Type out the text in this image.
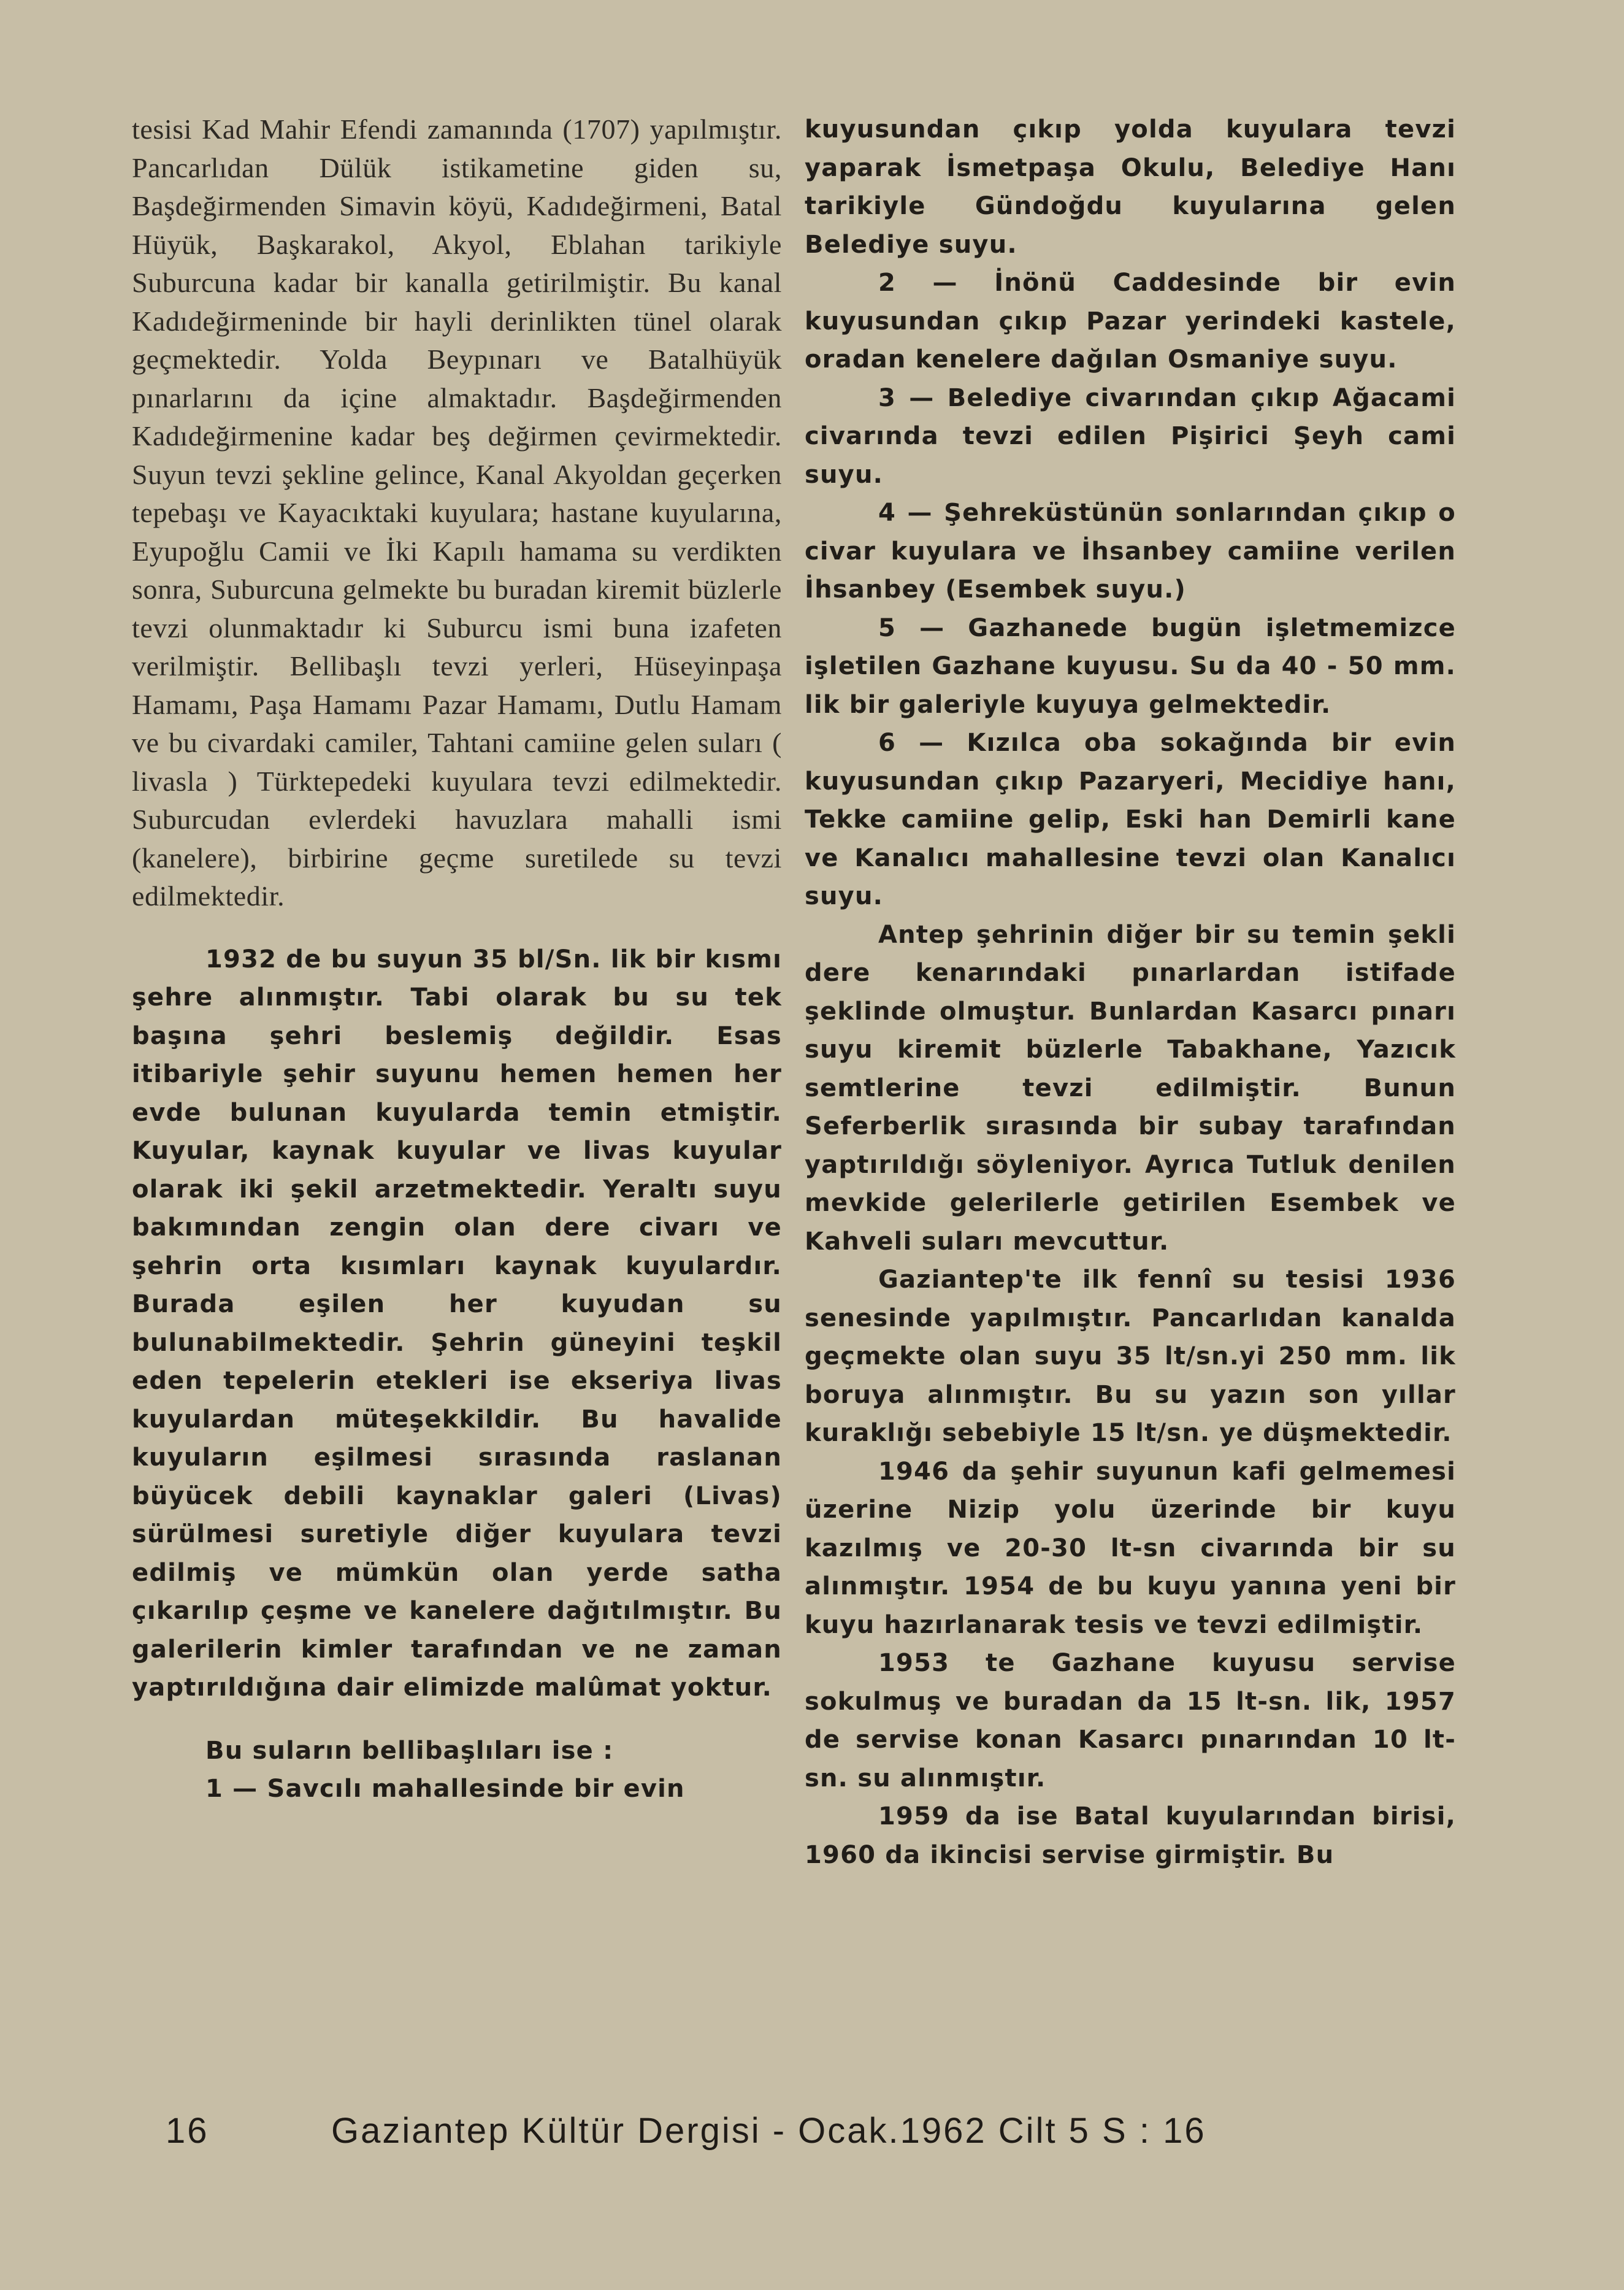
tesisi Kad Mahir Efendi zamanında (1707) yapılmıştır. Pancarlıdan Dülük istikametine giden su, Başdeğirmenden Simavin köyü, Kadıdeğirmeni, Batal Hüyük, Başkarakol, Akyol, Eblahan tarikiyle Suburcuna kadar bir kanalla getirilmiştir. Bu kanal Kadıdeğirmeninde bir hayli derinlikten tünel olarak geçmektedir. Yolda Beypınarı ve Batalhüyük pınarlarını da içine almaktadır. Başdeğirmenden Kadıdeğirmenine kadar beş değirmen çevirmektedir. Suyun tevzi şekline gelince, Kanal Akyoldan geçerken tepebaşı ve Kayacıktaki kuyulara; hastane kuyularına, Eyupoğlu Camii ve İki Kapılı hamama su verdikten sonra, Suburcuna gelmekte bu buradan kiremit büzlerle tevzi olunmaktadır ki Suburcu ismi buna izafeten verilmiştir. Bellibaşlı tevzi yerleri, Hüseyinpaşa Hamamı, Paşa Hamamı Pazar Hamamı, Dutlu Hamam ve bu civardaki camiler, Tahtani camiine gelen suları ( livasla ) Türktepedeki kuyulara tevzi edilmektedir. Suburcudan evlerdeki havuzlara mahalli ismi (kanelere), birbirine geçme suretilede su tevzi edilmektedir.

1932 de bu suyun 35 bl/Sn. lik bir kısmı şehre alınmıştır. Tabi olarak bu su tek başına şehri beslemiş değildir. Esas itibariyle şehir suyunu hemen hemen her evde bulunan kuyularda temin etmiştir. Kuyular, kaynak kuyular ve livas kuyular olarak iki şekil arzetmektedir. Yeraltı suyu bakımından zengin olan dere civarı ve şehrin orta kısımları kaynak kuyulardır. Burada eşilen her kuyudan su bulunabilmektedir. Şehrin güneyini teşkil eden tepelerin etekleri ise ekseriya livas kuyulardan müteşekkildir. Bu havalide kuyuların eşilmesi sırasında raslanan büyücek debili kaynaklar galeri (Livas) sürülmesi suretiyle diğer kuyulara tevzi edilmiş ve mümkün olan yerde satha çıkarılıp çeşme ve kanelere dağıtılmıştır. Bu galerilerin kimler tarafından ve ne zaman yaptırıldığına dair elimizde malûmat yoktur.

Bu suların bellibaşlıları ise :

1 — Savcılı mahallesinde bir evin

kuyusundan çıkıp yolda kuyulara tevzi yaparak İsmetpaşa Okulu, Belediye Hanı tarikiyle Gündoğdu kuyularına gelen Belediye suyu.

2 — İnönü Caddesinde bir evin kuyusundan çıkıp Pazar yerindeki kastele, oradan kenelere dağılan Osmaniye suyu.

3 — Belediye civarından çıkıp Ağacami civarında tevzi edilen Pişirici Şeyh cami suyu.

4 — Şehreküstünün sonlarından çıkıp o civar kuyulara ve İhsanbey camiine verilen İhsanbey (Esembek suyu.)

5 — Gazhanede bugün işletmemizce işletilen Gazhane kuyusu. Su da 40 - 50 mm. lik bir galeriyle kuyuya gelmektedir.

6 — Kızılca oba sokağında bir evin kuyusundan çıkıp Pazaryeri, Mecidiye hanı, Tekke camiine gelip, Eski han Demirli kane ve Kanalıcı mahallesine tevzi olan Kanalıcı suyu.

Antep şehrinin diğer bir su temin şekli dere kenarındaki pınarlardan istifade şeklinde olmuştur. Bunlardan Kasarcı pınarı suyu kiremit büzlerle Tabakhane, Yazıcık semtlerine tevzi edilmiştir. Bunun Seferberlik sırasında bir subay tarafından yaptırıldığı söyleniyor. Ayrıca Tutluk denilen mevkide gelerilerle getirilen Esembek ve Kahveli suları mevcuttur.

Gaziantep'te ilk fennî su tesisi 1936 senesinde yapılmıştır. Pancarlıdan kanalda geçmekte olan suyu 35 lt/sn.yi 250 mm. lik boruya alınmıştır. Bu su yazın son yıllar kuraklığı sebebiyle 15 lt/sn. ye düşmektedir.

1946 da şehir suyunun kafi gelmemesi üzerine Nizip yolu üzerinde bir kuyu kazılmış ve 20-30 lt-sn civarında bir su alınmıştır. 1954 de bu kuyu yanına yeni bir kuyu hazırlanarak tesis ve tevzi edilmiştir.

1953 te Gazhane kuyusu servise sokulmuş ve buradan da 15 lt-sn. lik, 1957 de servise konan Kasarcı pınarından 10 lt-sn. su alınmıştır.

1959 da ise Batal kuyularından birisi, 1960 da ikincisi servise girmiştir. Bu

16	Gaziantep Kültür Dergisi - Ocak.1962 Cilt 5 S : 16
